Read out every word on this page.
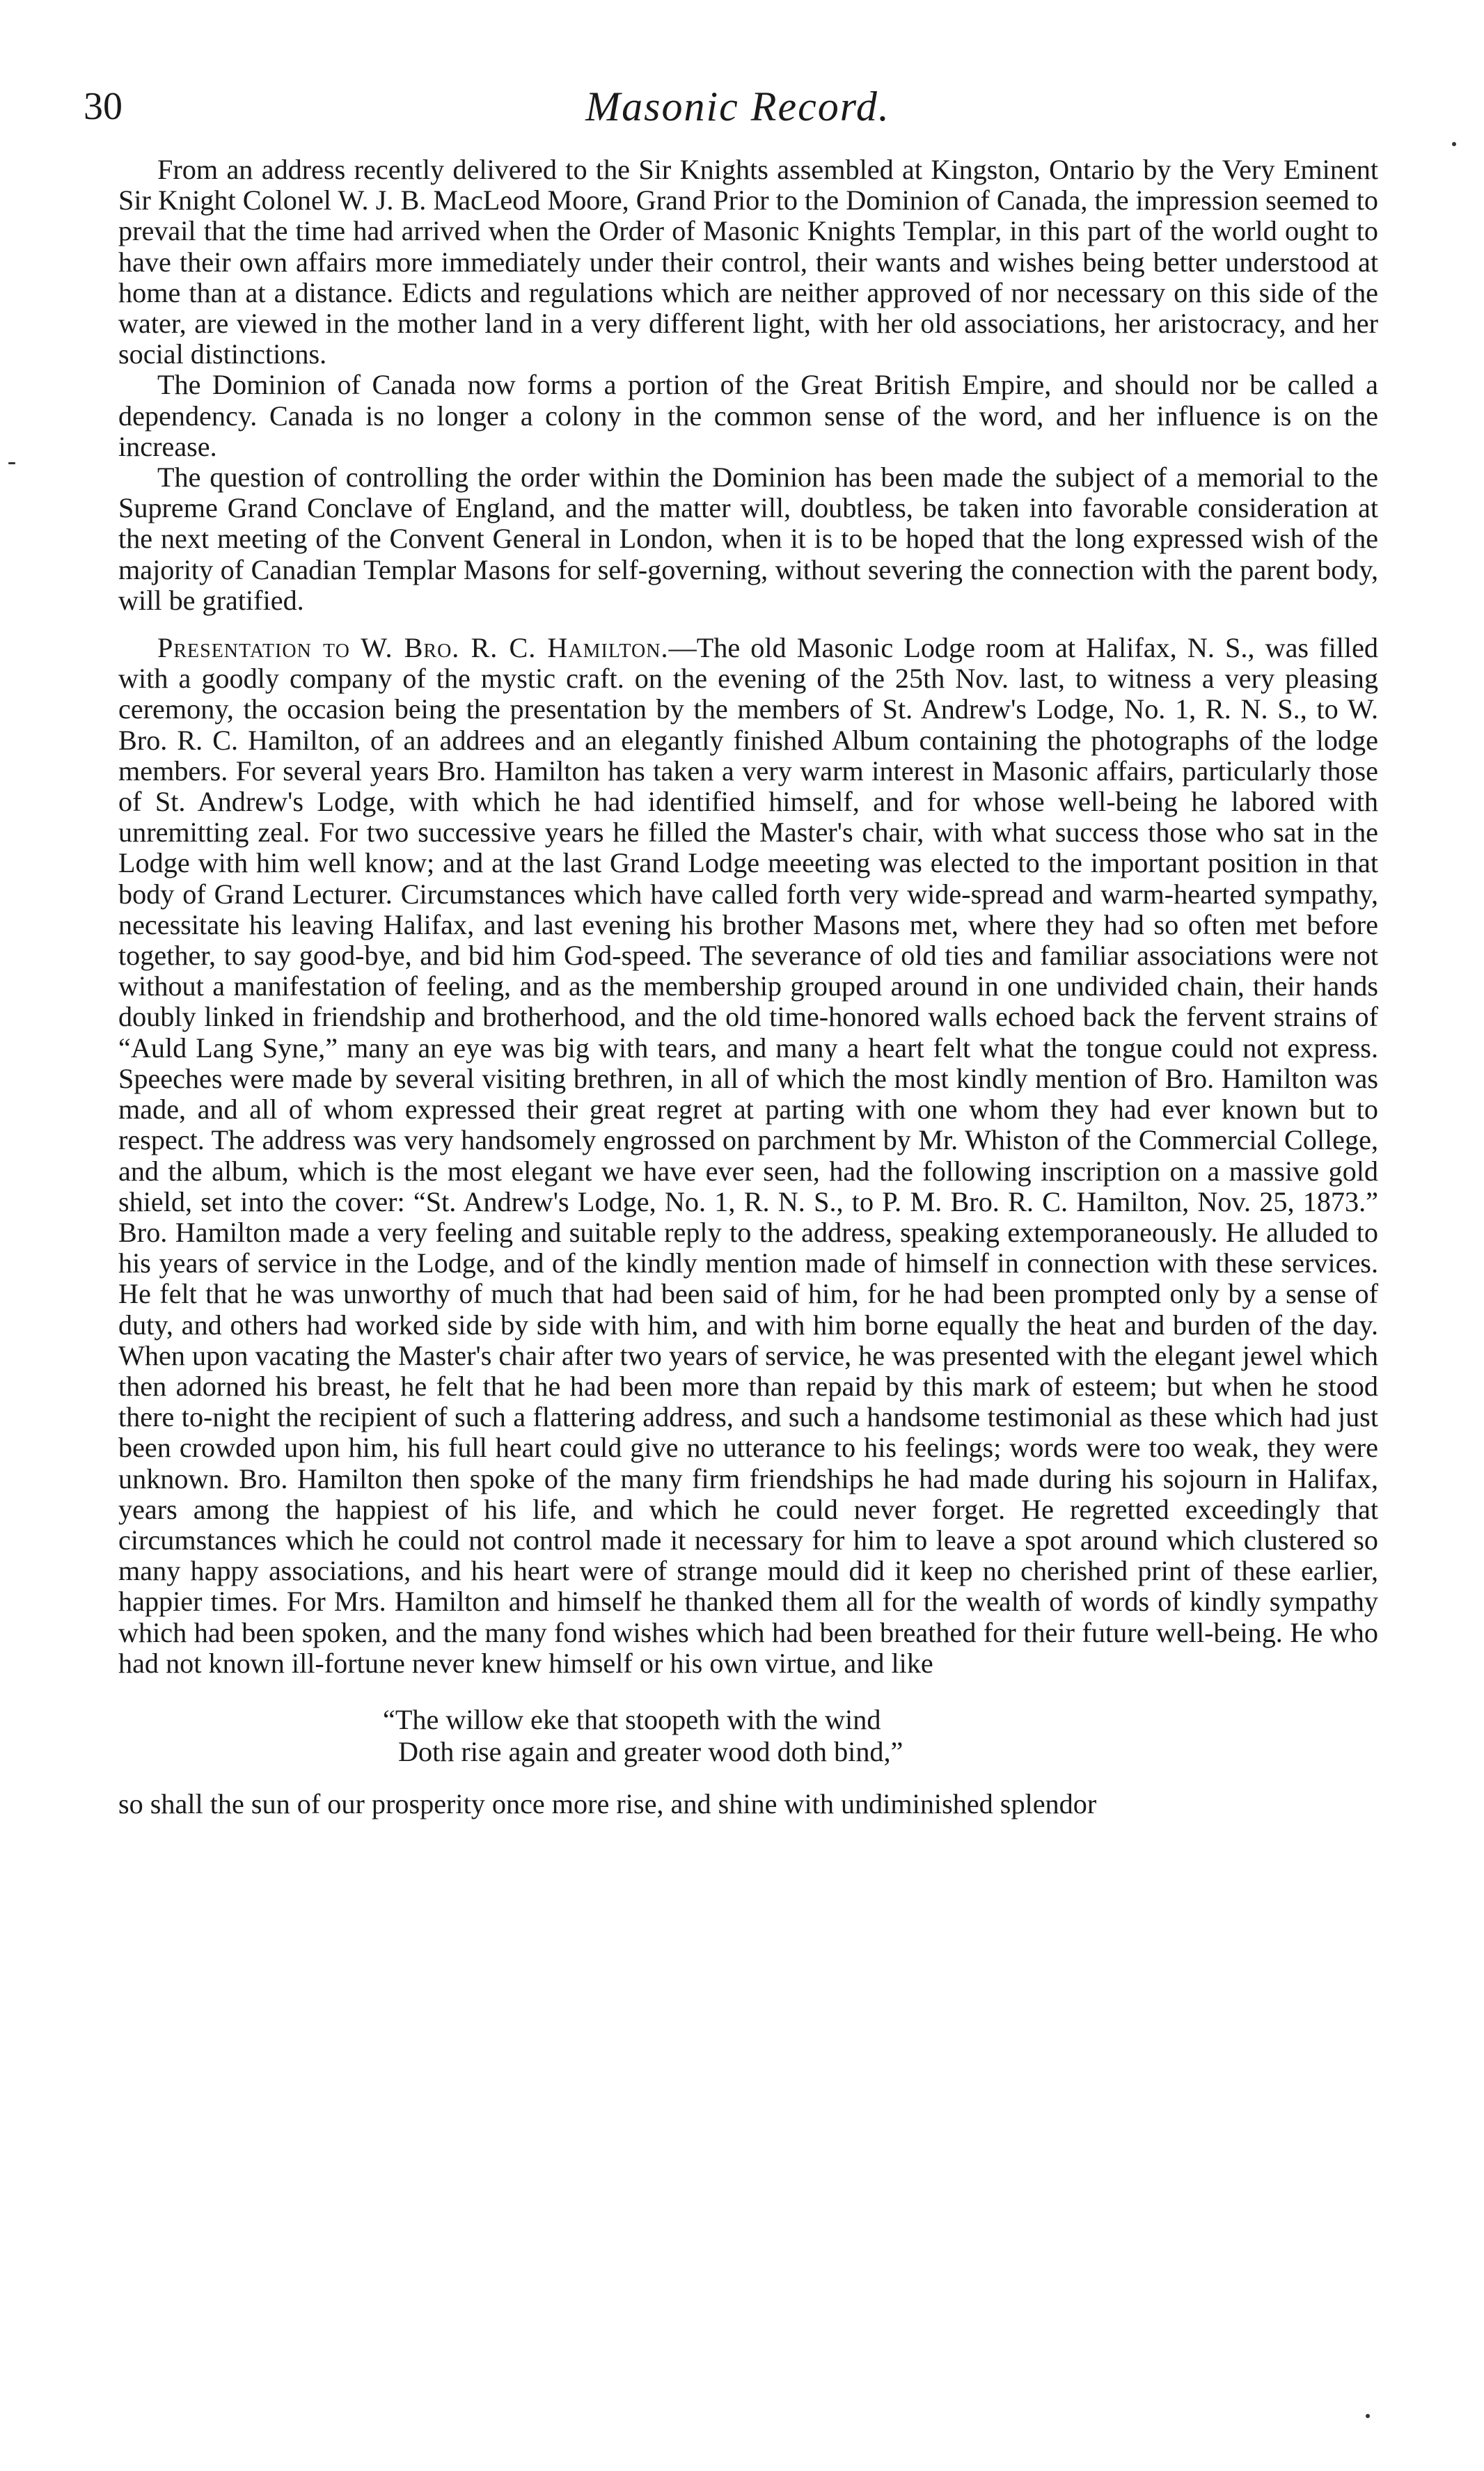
30	Masonic Record.

From an address recently delivered to the Sir Knights assembled at Kingston, Ontario by the Very Eminent Sir Knight Colonel W. J. B. MacLeod Moore, Grand Prior to the Dominion of Canada, the impression seemed to prevail that the time had arrived when the Order of Masonic Knights Templar, in this part of the world ought to have their own affairs more immediately under their control, their wants and wishes being better understood at home than at a distance. Edicts and regulations which are neither approved of nor necessary on this side of the water, are viewed in the mother land in a very different light, with her old associations, her aristocracy, and her social distinctions.

The Dominion of Canada now forms a portion of the Great British Empire, and should nor be called a dependency. Canada is no longer a colony in the common sense of the word, and her influence is on the increase.

The question of controlling the order within the Dominion has been made the subject of a memorial to the Supreme Grand Conclave of England, and the matter will, doubtless, be taken into favorable consideration at the next meeting of the Convent General in London, when it is to be hoped that the long expressed wish of the majority of Canadian Templar Masons for self-governing, without severing the connection with the parent body, will be gratified.

Presentation to W. Bro. R. C. Hamilton.—The old Masonic Lodge room at Halifax, N. S., was filled with a goodly company of the mystic craft. on the evening of the 25th Nov. last, to witness a very pleasing ceremony, the occasion being the presentation by the members of St. Andrew's Lodge, No. 1, R. N. S., to W. Bro. R. C. Hamilton, of an addrees and an elegantly finished Album containing the photographs of the lodge members. For several years Bro. Hamilton has taken a very warm interest in Masonic affairs, particularly those of St. Andrew's Lodge, with which he had identified himself, and for whose well-being he labored with unremitting zeal. For two successive years he filled the Master's chair, with what success those who sat in the Lodge with him well know; and at the last Grand Lodge meeeting was elected to the important position in that body of Grand Lecturer. Circumstances which have called forth very wide-spread and warm-hearted sympathy, necessitate his leaving Halifax, and last evening his brother Masons met, where they had so often met before together, to say good-bye, and bid him God-speed. The severance of old ties and familiar associations were not without a manifestation of feeling, and as the membership grouped around in one undivided chain, their hands doubly linked in friendship and brotherhood, and the old time-honored walls echoed back the fervent strains of “Auld Lang Syne,” many an eye was big with tears, and many a heart felt what the tongue could not express. Speeches were made by several visiting brethren, in all of which the most kindly mention of Bro. Hamilton was made, and all of whom expressed their great regret at parting with one whom they had ever known but to respect. The address was very handsomely engrossed on parchment by Mr. Whiston of the Commercial College, and the album, which is the most elegant we have ever seen, had the following inscription on a massive gold shield, set into the cover: “St. Andrew's Lodge, No. 1, R. N. S., to P. M. Bro. R. C. Hamilton, Nov. 25, 1873.” Bro. Hamilton made a very feeling and suitable reply to the address, speaking extemporaneously. He alluded to his years of service in the Lodge, and of the kindly mention made of himself in connection with these services. He felt that he was unworthy of much that had been said of him, for he had been prompted only by a sense of duty, and others had worked side by side with him, and with him borne equally the heat and burden of the day. When upon vacating the Master's chair after two years of service, he was presented with the elegant jewel which then adorned his breast, he felt that he had been more than repaid by this mark of esteem; but when he stood there to-night the recipient of such a flattering address, and such a handsome testimonial as these which had just been crowded upon him, his full heart could give no utterance to his feelings; words were too weak, they were unknown. Bro. Hamilton then spoke of the many firm friendships he had made during his sojourn in Halifax, years among the happiest of his life, and which he could never forget. He regretted exceedingly that circumstances which he could not control made it necessary for him to leave a spot around which clustered so many happy associations, and his heart were of strange mould did it keep no cherished print of these earlier, happier times. For Mrs. Hamilton and himself he thanked them all for the wealth of words of kindly sympathy which had been spoken, and the many fond wishes which had been breathed for their future well-being. He who had not known ill-fortune never knew himself or his own virtue, and like

“The willow eke that stoopeth with the wind
Doth rise again and greater wood doth bind,”

so shall the sun of our prosperity once more rise, and shine with undiminished splendor
